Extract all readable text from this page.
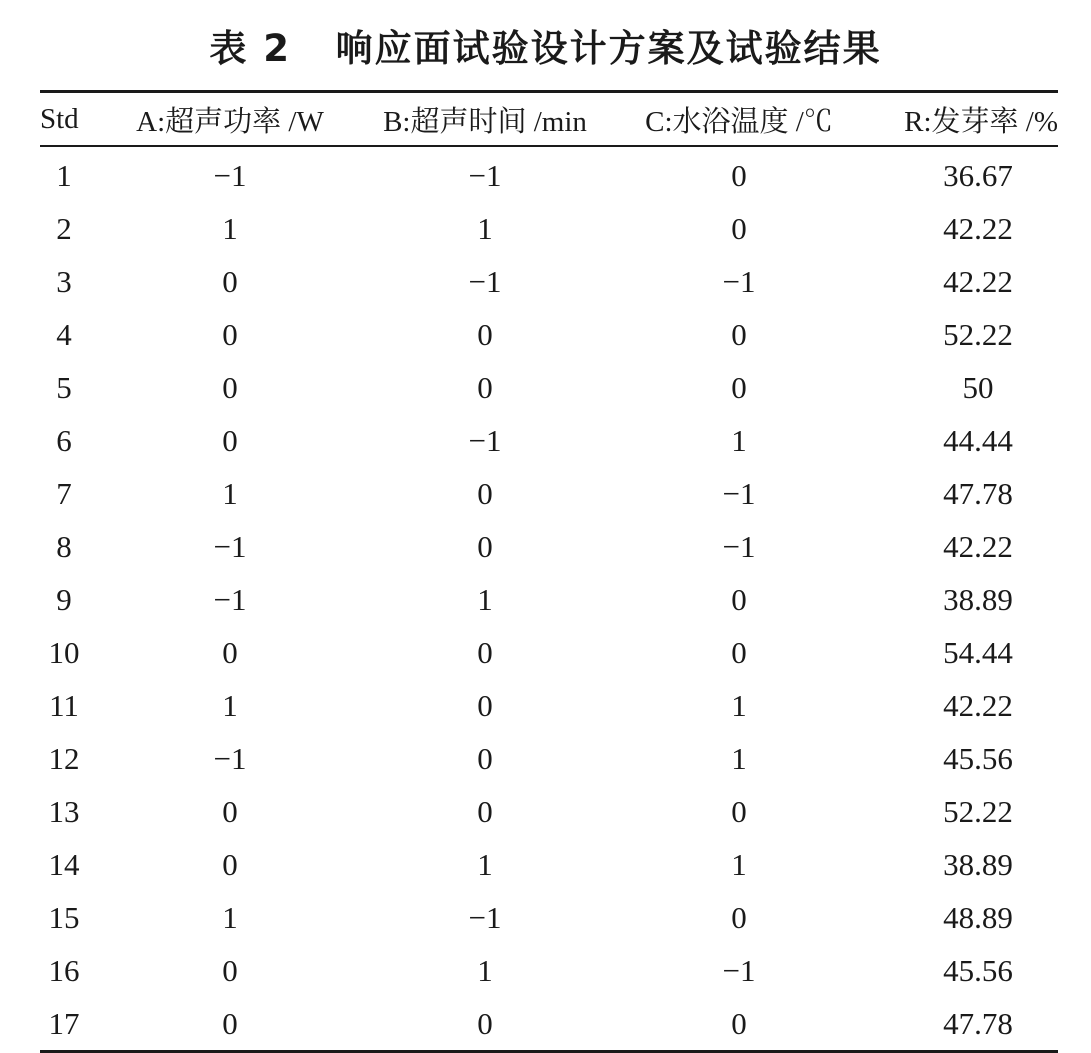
表 2   响应面试验设计方案及试验结果
Std	A:超声功率 /W	B:超声时间 /min	C:水浴温度 /℃	R:发芽率 /%
1	−1	−1	0	36.67
2	1	1	0	42.22
3	0	−1	−1	42.22
4	0	0	0	52.22
5	0	0	0	50
6	0	−1	1	44.44
7	1	0	−1	47.78
8	−1	0	−1	42.22
9	−1	1	0	38.89
10	0	0	0	54.44
11	1	0	1	42.22
12	−1	0	1	45.56
13	0	0	0	52.22
14	0	1	1	38.89
15	1	−1	0	48.89
16	0	1	−1	45.56
17	0	0	0	47.78
